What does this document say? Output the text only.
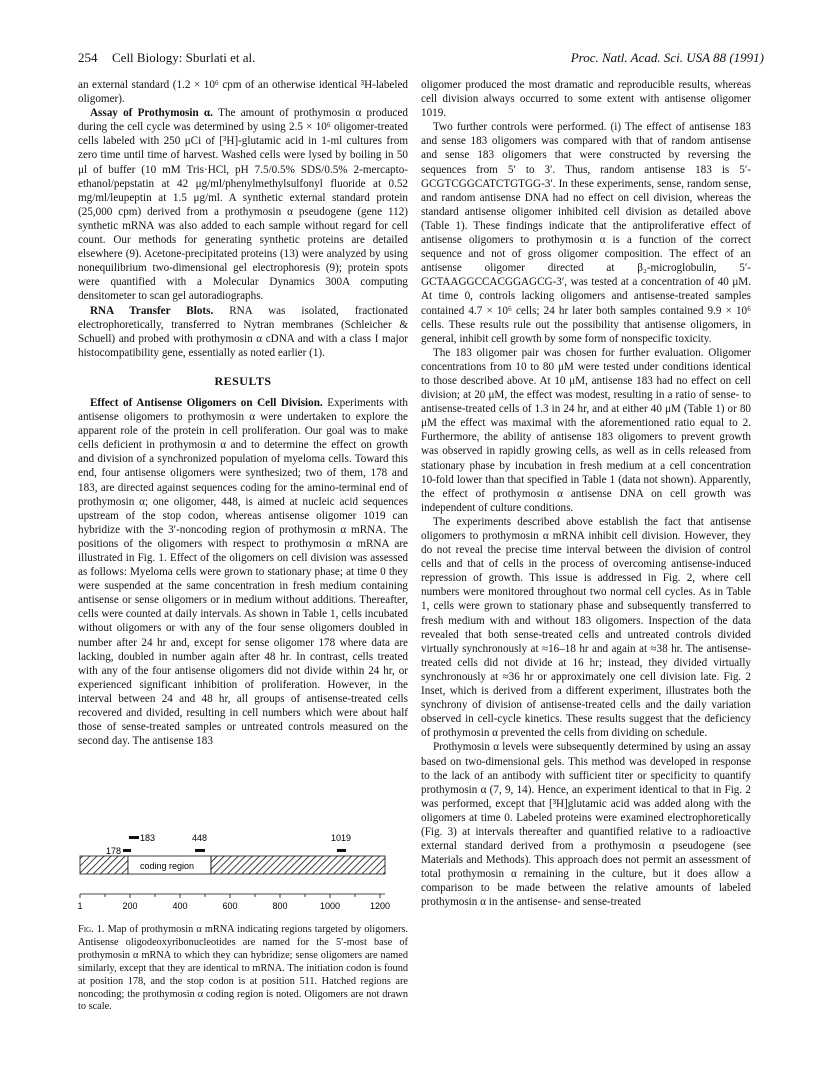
254 Cell Biology: Sburlati et al.	Proc. Natl. Acad. Sci. USA 88 (1991)

an external standard (1.2 × 10⁶ cpm of an otherwise identical ³H-labeled oligomer).

Assay of Prothymosin α. The amount of prothymosin α produced during the cell cycle was determined by using 2.5 × 10⁶ oligomer-treated cells labeled with 250 μCi of [³H]-glutamic acid in 1-ml cultures from zero time until time of harvest. Washed cells were lysed by boiling in 50 μl of buffer (10 mM Tris·HCl, pH 7.5/0.5% SDS/0.5% 2-mercapto-ethanol/pepstatin at 42 μg/ml/phenylmethylsulfonyl fluoride at 0.52 mg/ml/leupeptin at 1.5 μg/ml. A synthetic external standard protein (25,000 cpm) derived from a prothymosin α pseudogene (gene 112) synthetic mRNA was also added to each sample without regard for cell count. Our methods for generating synthetic proteins are detailed elsewhere (9). Acetone-precipitated proteins (13) were analyzed by using nonequilibrium two-dimensional gel electrophoresis (9); protein spots were quantified with a Molecular Dynamics 300A computing densitometer to scan gel autoradiographs.

RNA Transfer Blots. RNA was isolated, fractionated electrophoretically, transferred to Nytran membranes (Schleicher & Schuell) and probed with prothymosin α cDNA and with a class I major histocompatibility gene, essentially as noted earlier (1).

RESULTS

Effect of Antisense Oligomers on Cell Division. Experiments with antisense oligomers to prothymosin α were undertaken to explore the apparent role of the protein in cell proliferation. Our goal was to make cells deficient in prothymosin α and to determine the effect on growth and division of a synchronized population of myeloma cells. Toward this end, four antisense oligomers were synthesized; two of them, 178 and 183, are directed against sequences coding for the amino-terminal end of prothymosin α; one oligomer, 448, is aimed at nucleic acid sequences upstream of the stop codon, whereas antisense oligomer 1019 can hybridize with the 3′-noncoding region of prothymosin α mRNA. The positions of the oligomers with respect to prothymosin α mRNA are illustrated in Fig. 1. Effect of the oligomers on cell division was assessed as follows: Myeloma cells were grown to stationary phase; at time 0 they were suspended at the same concentration in fresh medium containing antisense or sense oligomers or in medium without additions. Thereafter, cells were counted at daily intervals. As shown in Table 1, cells incubated without oligomers or with any of the four sense oligomers doubled in number after 24 hr and, except for sense oligomer 178 where data are lacking, doubled in number again after 48 hr. In contrast, cells treated with any of the four antisense oligomers did not divide within 24 hr, or experienced significant inhibition of proliferation. However, in the interval between 24 and 48 hr, all groups of antisense-treated cells recovered and divided, resulting in cell numbers which were about half those of sense-treated samples or untreated controls measured on the second day. The antisense 183

coding region
178
183	448	1019
1	200	400	600	800	1000	1200
Fig. 1. Map of prothymosin α mRNA indicating regions targeted by oligomers. Antisense oligodeoxyribonucleotides are named for the 5′-most base of prothymosin α mRNA to which they can hybridize; sense oligomers are named similarly, except that they are identical to mRNA. The initiation codon is found at position 178, and the stop codon is at position 511. Hatched regions are noncoding; the prothymosin α coding region is noted. Oligomers are not drawn to scale.

oligomer produced the most dramatic and reproducible results, whereas cell division always occurred to some extent with antisense oligomer 1019.

Two further controls were performed. (i) The effect of antisense 183 and sense 183 oligomers was compared with that of random antisense and sense 183 oligomers that were constructed by reversing the sequences from 5′ to 3′. Thus, random antisense 183 is 5′-GCGTCGGCATCTGTGG-3′. In these experiments, sense, random sense, and random antisense DNA had no effect on cell division, whereas the standard antisense oligomer inhibited cell division as detailed above (Table 1). These findings indicate that the antiproliferative effect of antisense oligomers to prothymosin α is a function of the correct sequence and not of gross oligomer composition. The effect of an antisense oligomer directed at β₂-microglobulin, 5′-GCTAAGGCCACGGAGCG-3′, was tested at a concentration of 40 μM. At time 0, controls lacking oligomers and antisense-treated samples contained 4.7 × 10⁶ cells; 24 hr later both samples contained 9.9 × 10⁶ cells. These results rule out the possibility that antisense oligomers, in general, inhibit cell growth by some form of nonspecific toxicity.

The 183 oligomer pair was chosen for further evaluation. Oligomer concentrations from 10 to 80 μM were tested under conditions identical to those described above. At 10 μM, antisense 183 had no effect on cell division; at 20 μM, the effect was modest, resulting in a ratio of sense- to antisense-treated cells of 1.3 in 24 hr, and at either 40 μM (Table 1) or 80 μM the effect was maximal with the aforementioned ratio equal to 2. Furthermore, the ability of antisense 183 oligomers to prevent growth was observed in rapidly growing cells, as well as in cells released from stationary phase by incubation in fresh medium at a cell concentration 10-fold lower than that specified in Table 1 (data not shown). Apparently, the effect of prothymosin α antisense DNA on cell growth was independent of culture conditions.

The experiments described above establish the fact that antisense oligomers to prothymosin α mRNA inhibit cell division. However, they do not reveal the precise time interval between the division of control cells and that of cells in the process of overcoming antisense-induced repression of growth. This issue is addressed in Fig. 2, where cell numbers were monitored throughout two normal cell cycles. As in Table 1, cells were grown to stationary phase and subsequently transferred to fresh medium with and without 183 oligomers. Inspection of the data revealed that both sense-treated cells and untreated controls divided virtually synchronously at ≈16–18 hr and again at ≈38 hr. The antisense-treated cells did not divide at 16 hr; instead, they divided virtually synchronously at ≈36 hr or approximately one cell division late. Fig. 2 Inset, which is derived from a different experiment, illustrates both the synchrony of division of antisense-treated cells and the daily variation observed in cell-cycle kinetics. These results suggest that the deficiency of prothymosin α prevented the cells from dividing on schedule.

Prothymosin α levels were subsequently determined by using an assay based on two-dimensional gels. This method was developed in response to the lack of an antibody with sufficient titer or specificity to quantify prothymosin α (7, 9, 14). Hence, an experiment identical to that in Fig. 2 was performed, except that [³H]glutamic acid was added along with the oligomers at time 0. Labeled proteins were examined electrophoretically (Fig. 3) at intervals thereafter and quantified relative to a radioactive external standard derived from a prothymosin α pseudogene (see Materials and Methods). This approach does not permit an assessment of total prothymosin α remaining in the culture, but it does allow a comparison to be made between the relative amounts of labeled prothymosin α in the antisense- and sense-treated
